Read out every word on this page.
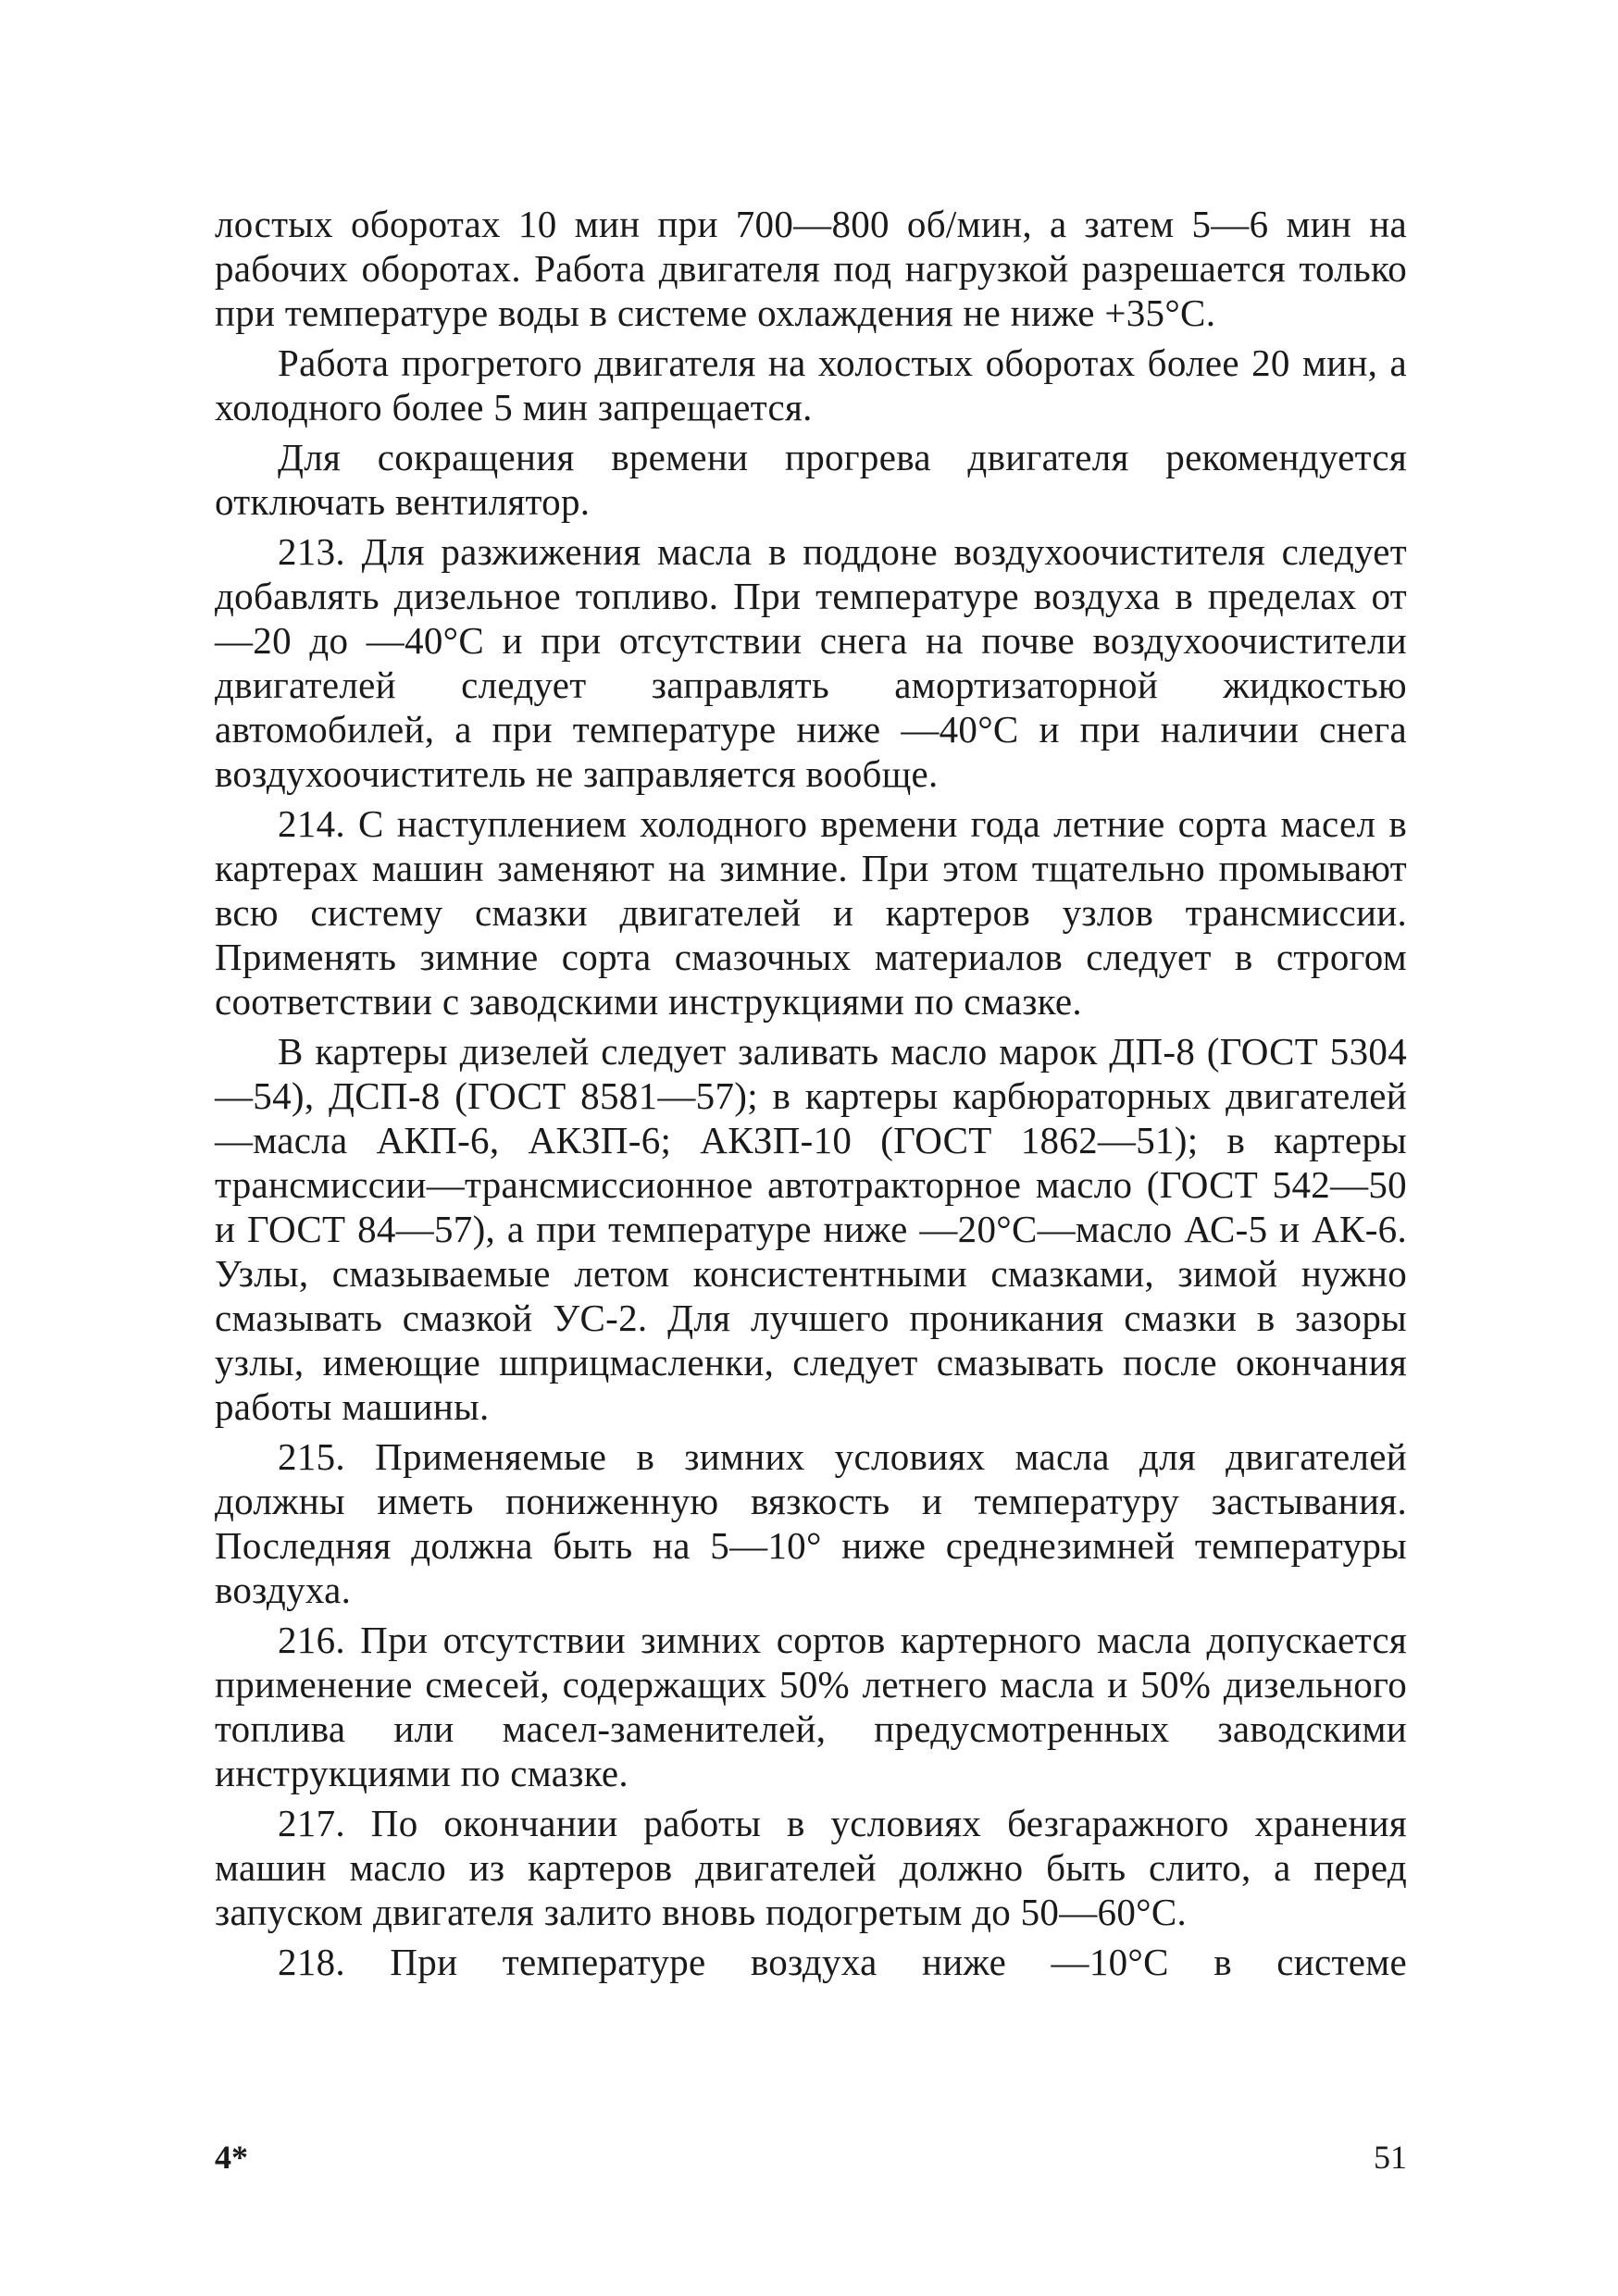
лостых оборотах 10 мин при 700—800 об/мин, а затем 5—6 мин на рабочих оборотах. Работа двигателя под нагрузкой разрешается только при температуре воды в системе охлаждения не ниже +35°С.

Работа прогретого двигателя на холостых оборотах более 20 мин, а холодного более 5 мин запрещается.

Для сокращения времени прогрева двигателя рекомендуется отключать вентилятор.

213. Для разжижения масла в поддоне воздухоочистителя следует добавлять дизельное топливо. При температуре воздуха в пределах от —20 до —40°С и при отсутствии снега на почве воздухоочистители двигателей следует заправлять амортизаторной жидкостью автомобилей, а при температуре ниже —40°С и при наличии снега воздухоочиститель не заправляется вообще.

214. С наступлением холодного времени года летние сорта масел в картерах машин заменяют на зимние. При этом тщательно промывают всю систему смазки двигателей и картеров узлов трансмиссии. Применять зимние сорта смазочных материалов следует в строгом соответствии с заводскими инструкциями по смазке.

В картеры дизелей следует заливать масло марок ДП-8 (ГОСТ 5304—54), ДСП-8 (ГОСТ 8581—57); в картеры карбюраторных двигателей—масла АКП-6, АКЗП-6; АКЗП-10 (ГОСТ 1862—51); в картеры трансмиссии—трансмиссионное автотракторное масло (ГОСТ 542—50 и ГОСТ 84—57), а при температуре ниже —20°С—масло АС-5 и АК-6. Узлы, смазываемые летом консистентными смазками, зимой нужно смазывать смазкой УС-2. Для лучшего проникания смазки в зазоры узлы, имеющие шприцмасленки, следует смазывать после окончания работы машины.

215. Применяемые в зимних условиях масла для двигателей должны иметь пониженную вязкость и температуру застывания. Последняя должна быть на 5—10° ниже среднезимней температуры воздуха.

216. При отсутствии зимних сортов картерного масла допускается применение смесей, содержащих 50% летнего масла и 50% дизельного топлива или масел-заменителей, предусмотренных заводскими инструкциями по смазке.

217. По окончании работы в условиях безгаражного хранения машин масло из картеров двигателей должно быть слито, а перед запуском двигателя залито вновь подогретым до 50—60°С.

218. При температуре воздуха ниже —10°С в системе

4*	51
